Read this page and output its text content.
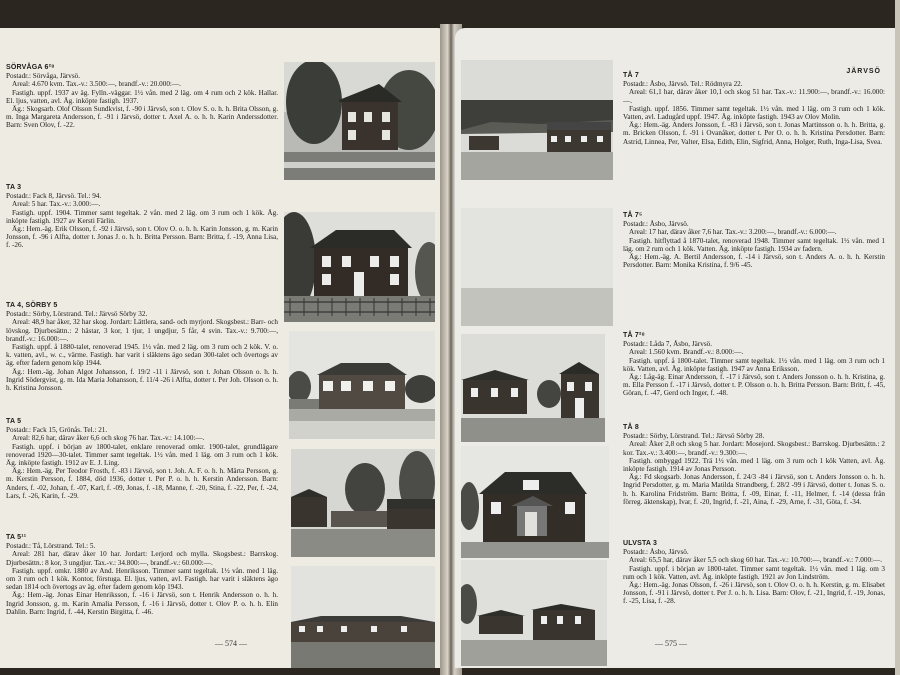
SÖRVÅGA 6²⁸

Postadr.: Sörvåga, Järvsö.

Areal: 4.670 kvm. Tax.-v.: 3.500:—, brandf.-v.: 20.000:—.

Fastigh. uppf. 1937 av äg. Fylln.-väggar. 1½ vån. med 2 läg. om 4 rum och 2 kök. Hallar. El. ljus, vatten, avl. Äg. inköpte fastigh. 1937.

Äg.: Skogsarb. Olof Olsson Sundkvist, f. -90 i Järvsö, son t. Olov S. o. h. h. Brita Olsson, g. m. Inga Margareta Andersson, f. -91 i Järvsö, dotter t. Axel A. o. h. h. Karin Anderssdotter. Barn: Sven Olov, f. -22.

TA 3

Postadr.: Fack 8, Järvsö. Tel.: 94.

Areal: 5 har. Tax.-v.: 3.000:—.

Fastigh. uppf. 1904. Timmer samt tegeltak. 2 vån. med 2 läg. om 3 rum och 1 kök. Äg. inköpte fastigh. 1927 av Kersti Färlin.

Äg.: Hem.-äg. Erik Olsson, f. -92 i Järvsö, son t. Olov O. o. h. h. Karin Jonsson, g. m. Karin Jonsson, f. -96 i Alfta, dotter t. Jonas J. o. h. h. Britta Persson. Barn: Britta, f. -19, Anna Lisa, f. -26.

TA 4, SÖRBY 5

Postadr.: Sörby, Lörstrand. Tel.: Järvsö Sörby 32.

Areal: 48,9 har åker, 32 har skog. Jordart: Lättlera, sand- och myrjord. Skogsbest.: Barr- och lövskog. Djurbesättn.: 2 hästar, 3 kor, 1 tjur, 1 ungdjur, 5 får, 4 svin. Tax.-v.: 9.700:—, brandf.-v.: 16.000:—.

Fastigh. uppf. å 1880-talet, renoverad 1945. 1½ vån. med 2 läg. om 3 rum och 2 kök. V. o. k. vatten, avl., w. c., värme. Fastigh. har varit i släktens ägo sedan 300-talet och övertogs av äg. efter fadern genom köp 1944.

Äg.: Hem.-äg. Johan Algot Johansson, f. 19/2 -11 i Järvsö, son t. Johan Olsson o. h. h. Ingrid Södergvist, g. m. Ida Maria Johansson, f. 11/4 -26 i Alfta, dotter t. Per Joh. Olsson o. h. h. Kristina Jonsson.

TA 5

Postadr.: Fack 15, Grönås. Tel.: 21.

Areal: 82,6 har, därav åker 6,6 och skog 76 har. Tax.-v.: 14.100:—.

Fastigh. uppf. i början av 1800-talet, enklare renoverad omkr. 1900-talet, grundlägare renoverad 1920—30-talet. Timmer samt tegeltak. 1½ vån. med 1 läg. om 3 rum och 1 kök. Äg. inköpte fastigh. 1912 av E. J. Ling.

Äg.: Hem.-äg. Per Teodor Frosth, f. -83 i Järvsö, son t. Joh. A. F. o. h. h. Märta Persson, g. m. Kerstin Persson, f. 1884, död 1936, dotter t. Per P. o. h. h. Kerstin Andersson. Barn: Anders, f. -02, Johan, f. -07, Karl, f. -09, Jonas, f. -18, Manne, f. -20, Stina, f. -22, Per, f. -24, Lars, f. -26, Karin, f. -29.

TA 5¹¹

Postadr.: Tå, Lörstrand. Tel.: 5.

Areal: 281 har, därav åker 10 har. Jordart: Lerjord och mylla. Skogsbest.: Barrskog. Djurbesättn.: 8 kor, 3 ungdjur. Tax.-v.: 34.800:—, brandf.-v.: 60.000:—.

Fastigh. uppf. omkr. 1880 av And. Henriksson. Timmer samt tegeltak. 1½ vån. med 1 läg. om 3 rum och 1 kök. Kontor, förstuga. El. ljus, vatten, avl. Fastigh. har varit i släktens ägo sedan 1814 och övertogs av äg. efter fadern genom köp 1943.

Äg.: Hem.-äg. Jonas Einar Henriksson, f. -16 i Järvsö, son t. Henrik Andersson o. h. h. Ingrid Jonsson, g. m. Karin Amalia Persson, f. -16 i Järvsö, dotter t. Olov P. o. h. h. Elin Dahlin. Barn: Ingrid, f. -44, Kerstin Birgitta, f. -46.

— 574 —
JÄRVSÖ
TÅ 7

Postadr.: Åsbo, Järvsö. Tel.: Rödmyra 22.

Areal: 61,1 har, därav åker 10,1 och skog 51 har. Tax.-v.: 11.900:—, brandf.-v.: 16.000:—.

Fastigh. uppf. 1856. Timmer samt tegeltak. 1½ vån. med 1 läg. om 3 rum och 1 kök. Vatten, avl. Ladugård uppf. 1947. Äg. inköpte fastigh. 1943 av Olov Molin.

Äg.: Hem.-äg. Anders Jonsson, f. -83 i Järvsö, son t. Jonas Martinsson o. h. h. Britta, g. m. Bricken Olsson, f. -91 i Ovanåker, dotter t. Per O. o. h. h. Kristina Persdotter. Barn: Astrid, Linnea, Per, Valter, Elsa, Edith, Elin, Sigfrid, Anna, Holger, Ruth, Inga-Lisa, Svea.

TÅ 7⁵

Postadr.: Åsbo, Järvsö.

Areal: 17 har, därav åker 7,6 har. Tax.-v.: 3.200:—, brandf.-v.: 6.000:—.

Fastigh. hitflyttad å 1870-talet, renoverad 1948. Timmer samt tegeltak. 1½ vån. med 1 läg. om 2 rum och 1 kök. Vatten. Äg. inköpte fastigh. 1934 av fadern.

Äg.: Hem.-äg. A. Bertil Andersson, f. -14 i Järvsö, son t. Anders A. o. h. h. Kerstin Persdotter. Barn: Monika Kristina, f. 9/6 -45.

TÅ 7²⁸

Postadr.: Låda 7, Åsbo, Järvsö.

Areal: 1.560 kvm. Brandf.-v.: 8.000:—.

Fastigh. uppf. å 1800-talet. Timmer samt tegeltak. 1½ vån. med 1 läg. om 3 rum och 1 kök. Vatten, avl. Äg. inköpte fastigh. 1947 av Anna Eriksson.

Äg.: Låg-äg. Einar Andersson, f. -17 i Järvsö, son t. Anders Jonsson o. h. h. Kristina, g. m. Ella Persson f. -17 i Järvsö, dotter t. P. Olsson o. h. h. Britta Persson. Barn: Britt, f. -45, Göran, f. -47, Gerd och Inger, f. -48.

TÅ 8

Postadr.: Sörby, Lörstrand. Tel.: Järvsö Sörby 28.

Areal: Åker 2,8 och skog 5 har. Jordart: Mosejord. Skogsbest.: Barrskog. Djurbesättn.: 2 kor. Tax.-v.: 3.400:—, brandf.-v.: 9.300:—.

Fastigh. ombyggd 1922. Trä 1½ vån. med 1 läg. om 3 rum och 1 kök Vatten, avl. Äg. inköpte fastigh. 1914 av Jonas Persson.

Äg.: Fd skogsarb. Jonas Andersson, f. 24/3 -84 i Järvsö, son t. Anders Jonsson o. h. h. Ingrid Persdotter, g. m. Maria Matilda Strandberg, f. 28/2 -99 i Järvsö, dotter t. Jonas S. o. h. h. Karolina Fridström. Barn: Britta, f. -09, Einar, f. -11, Helmer, f. -14 (dessa från förreg. äktenskap), Ivar, f. -20, Ingrid, f. -21, Aina, f. -29, Arne, f. -31, Göta, f. -34.

ULVSTA 3

Postadr.: Åsbo, Järvsö.

Areal: 65,5 har, därav åker 5,5 och skog 60 har. Tax.-v.: 10.700:—, brandf.-v.: 7.000:—.

Fastigh. uppf. i början av 1800-talet. Timmer samt tegeltak. 1½ vån. med 1 läg. om 3 rum och 1 kök. Vatten, avl. Äg. inköpte fastigh. 1921 av Jon Lindström.

Äg.: Hem.-äg. Jonas Olsson, f. -26 i Järvsö, son t. Olov O. o. h. h. Kerstin, g. m. Elisabet Jonsson, f. -91 i Järvsö, dotter t. Per J. o. h. h. Lisa. Barn: Olov, f. -21, Ingrid, f. -19, Jonas, f. -25, Lisa, f. -28.

— 575 —
